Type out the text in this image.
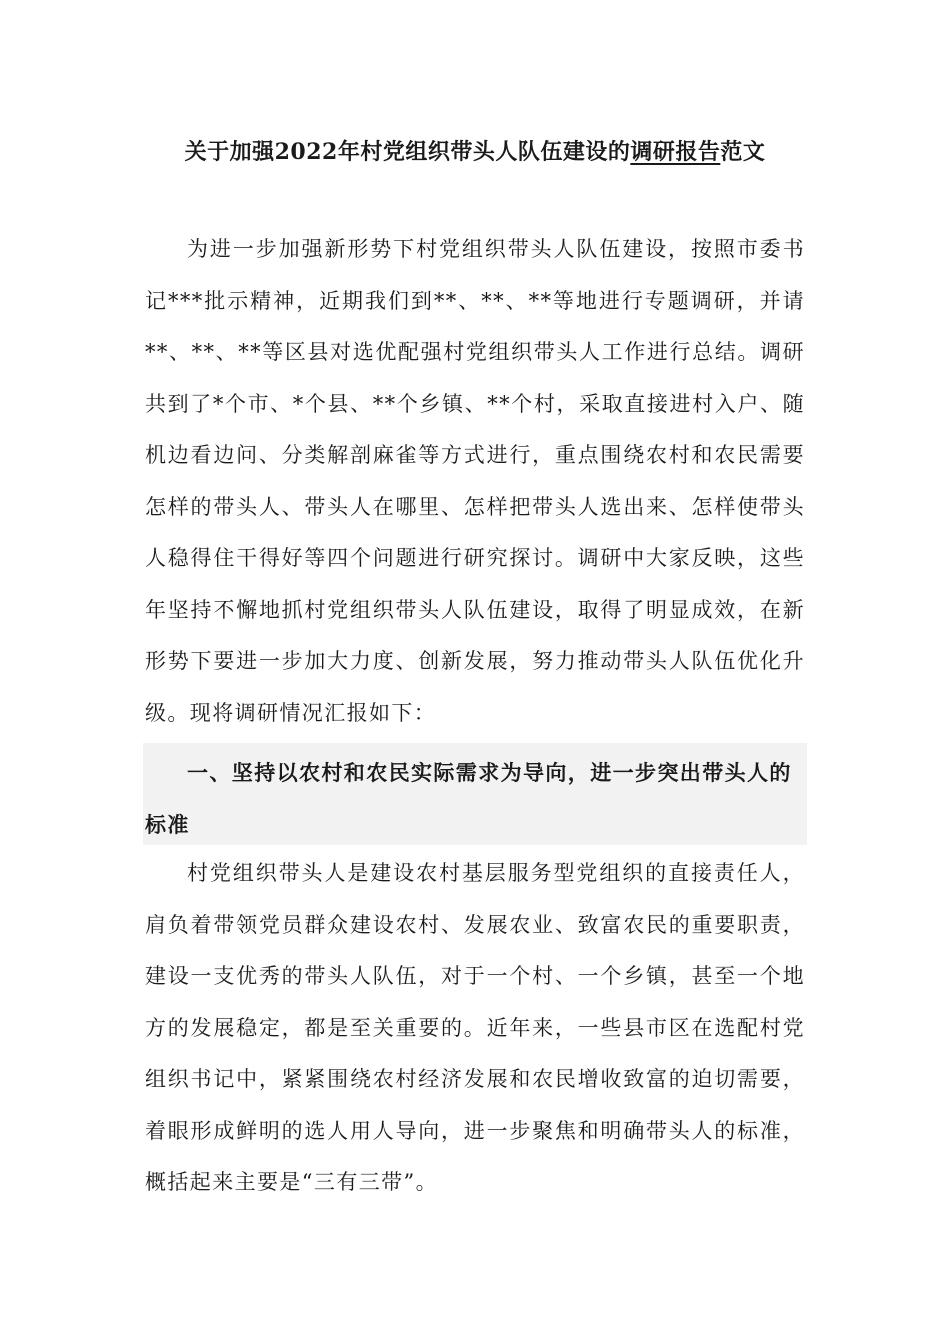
关于加强2022年村党组织带头人队伍建设的调研报告范文

为进一步加强新形势下村党组织带头人队伍建设，按照市委书记***批示精神，近期我们到**、**、**等地进行专题调研，并请**、**、**等区县对选优配强村党组织带头人工作进行总结。调研共到了*个市、*个县、**个乡镇、**个村，采取直接进村入户、随机边看边问、分类解剖麻雀等方式进行，重点围绕农村和农民需要怎样的带头人、带头人在哪里、怎样把带头人选出来、怎样使带头人稳得住干得好等四个问题进行研究探讨。调研中大家反映，这些年坚持不懈地抓村党组织带头人队伍建设，取得了明显成效，在新形势下要进一步加大力度、创新发展，努力推动带头人队伍优化升级。现将调研情况汇报如下：

一、坚持以农村和农民实际需求为导向，进一步突出带头人的标准

村党组织带头人是建设农村基层服务型党组织的直接责任人，肩负着带领党员群众建设农村、发展农业、致富农民的重要职责，建设一支优秀的带头人队伍，对于一个村、一个乡镇，甚至一个地方的发展稳定，都是至关重要的。近年来，一些县市区在选配村党组织书记中，紧紧围绕农村经济发展和农民增收致富的迫切需要，着眼形成鲜明的选人用人导向，进一步聚焦和明确带头人的标准，概括起来主要是“三有三带”。
